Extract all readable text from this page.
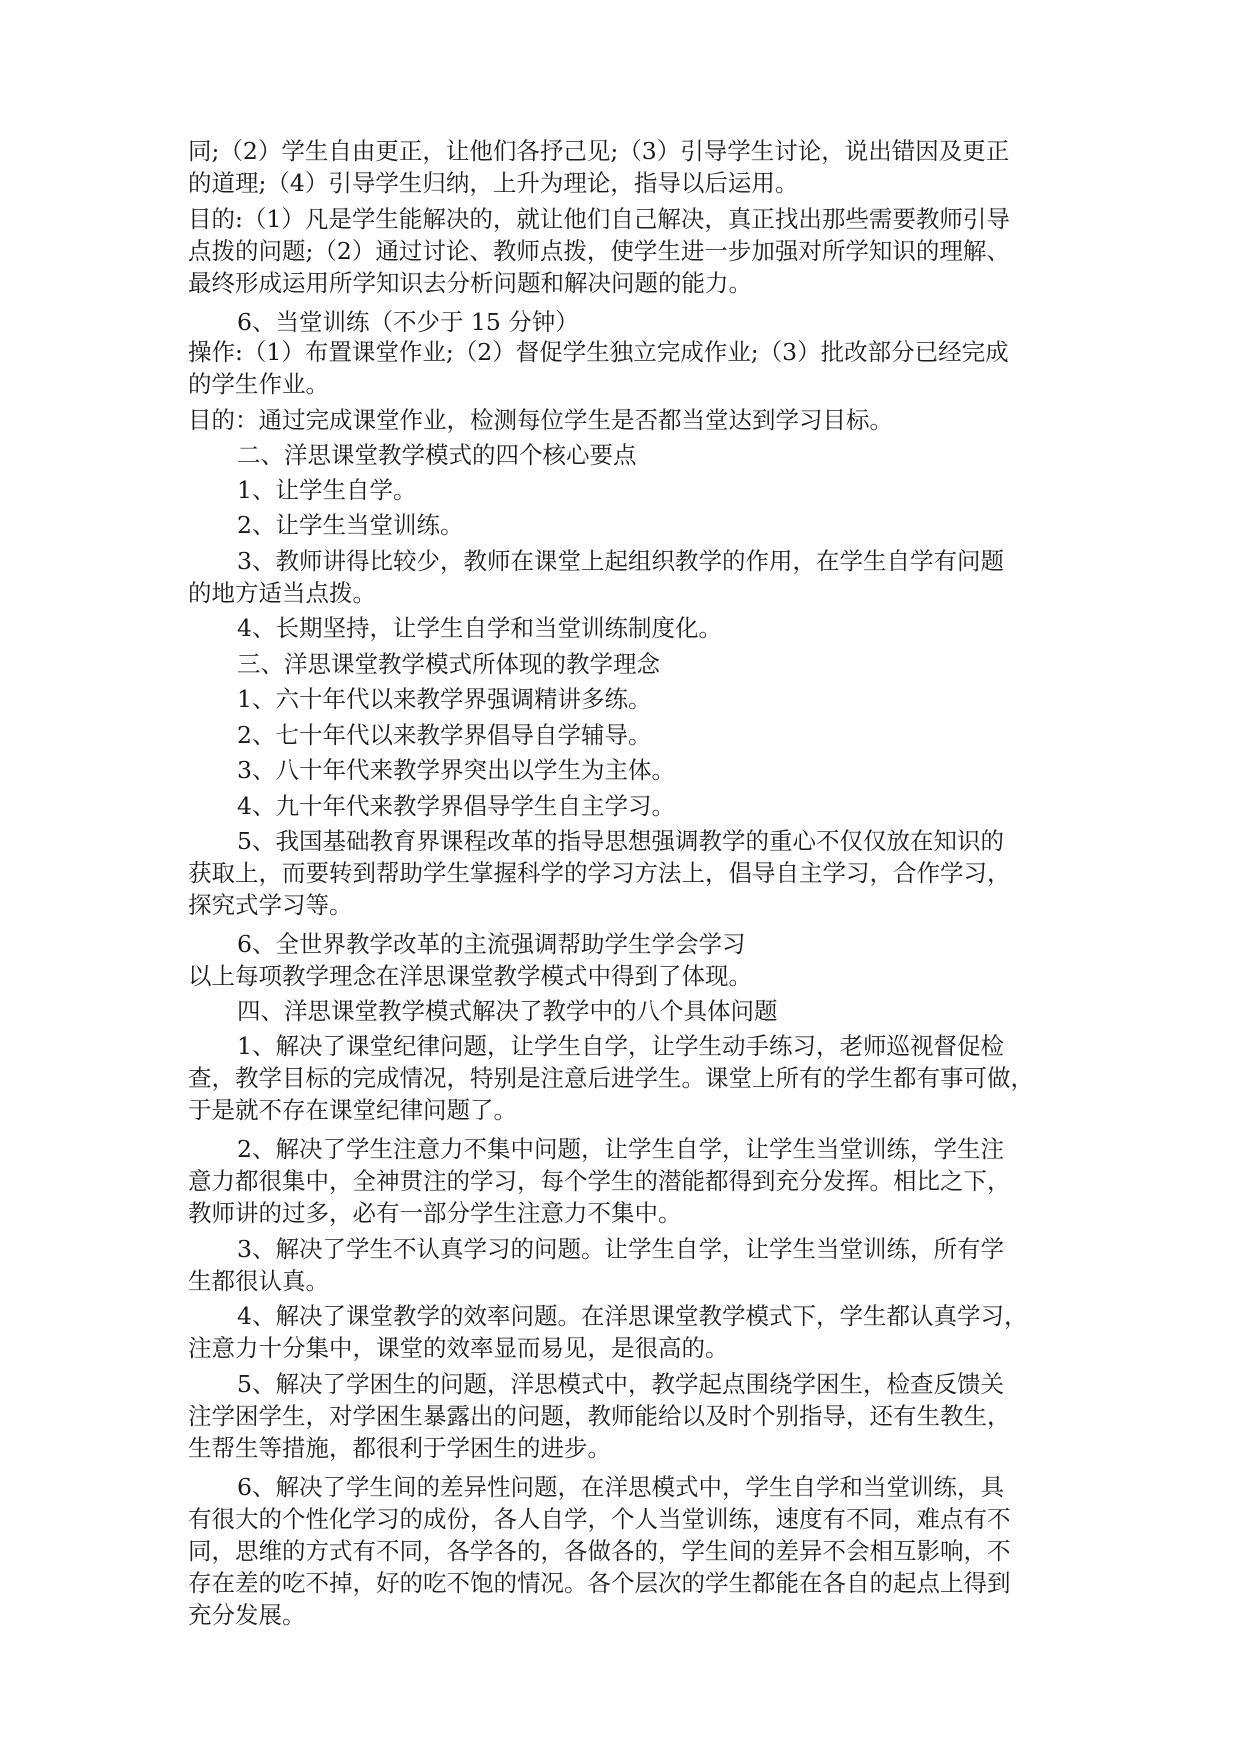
同;（2）学生自由更正，让他们各抒己见;（3）引导学生讨论，说出错因及更正
的道理;（4）引导学生归纳，上升为理论，指导以后运用。
目的:（1）凡是学生能解决的，就让他们自己解决，真正找出那些需要教师引导
点拨的问题;（2）通过讨论、教师点拨，使学生进一步加强对所学知识的理解、
最终形成运用所学知识去分析问题和解决问题的能力。
6、当堂训练（不少于 15 分钟）
操作:（1）布置课堂作业;（2）督促学生独立完成作业;（3）批改部分已经完成
的学生作业。
目的：通过完成课堂作业，检测每位学生是否都当堂达到学习目标。
二、洋思课堂教学模式的四个核心要点
1、让学生自学。
2、让学生当堂训练。
3、教师讲得比较少，教师在课堂上起组织教学的作用，在学生自学有问题
的地方适当点拨。
4、长期坚持，让学生自学和当堂训练制度化。
三、洋思课堂教学模式所体现的教学理念
1、六十年代以来教学界强调精讲多练。
2、七十年代以来教学界倡导自学辅导。
3、八十年代来教学界突出以学生为主体。
4、九十年代来教学界倡导学生自主学习。
5、我国基础教育界课程改革的指导思想强调教学的重心不仅仅放在知识的
获取上，而要转到帮助学生掌握科学的学习方法上，倡导自主学习，合作学习，
探究式学习等。
6、全世界教学改革的主流强调帮助学生学会学习
以上每项教学理念在洋思课堂教学模式中得到了体现。
四、洋思课堂教学模式解决了教学中的八个具体问题
1、解决了课堂纪律问题，让学生自学，让学生动手练习，老师巡视督促检
查，教学目标的完成情况，特别是注意后进学生。课堂上所有的学生都有事可做，
于是就不存在课堂纪律问题了。
2、解决了学生注意力不集中问题，让学生自学，让学生当堂训练，学生注
意力都很集中，全神贯注的学习，每个学生的潜能都得到充分发挥。相比之下，
教师讲的过多，必有一部分学生注意力不集中。
3、解决了学生不认真学习的问题。让学生自学，让学生当堂训练，所有学
生都很认真。
4、解决了课堂教学的效率问题。在洋思课堂教学模式下，学生都认真学习，
注意力十分集中，课堂的效率显而易见，是很高的。
5、解决了学困生的问题，洋思模式中，教学起点围绕学困生，检查反馈关
注学困学生，对学困生暴露出的问题，教师能给以及时个别指导，还有生教生，
生帮生等措施，都很利于学困生的进步。
6、解决了学生间的差异性问题，在洋思模式中，学生自学和当堂训练，具
有很大的个性化学习的成份，各人自学，个人当堂训练，速度有不同，难点有不
同，思维的方式有不同，各学各的，各做各的，学生间的差异不会相互影响，不
存在差的吃不掉，好的吃不饱的情况。各个层次的学生都能在各自的起点上得到
充分发展。
